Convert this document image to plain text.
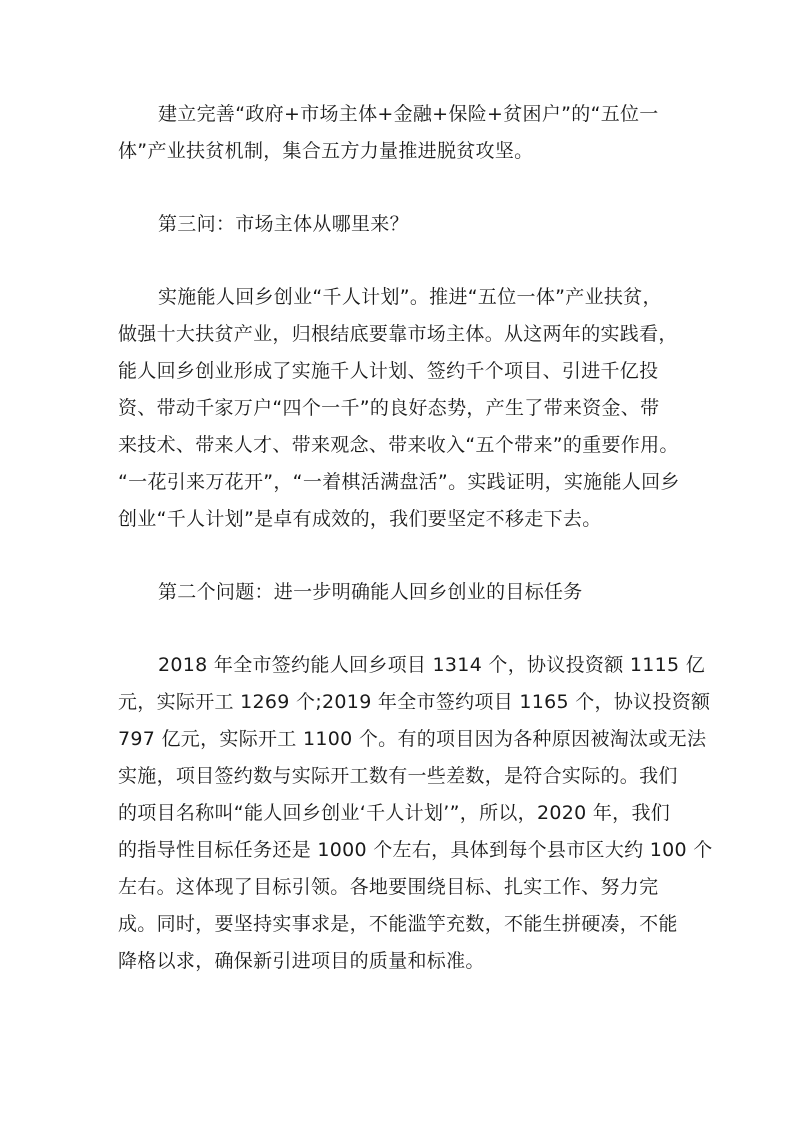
建立完善“政府+市场主体+金融+保险+贫困户”的“五位一
体”产业扶贫机制，集合五方力量推进脱贫攻坚。
第三问：市场主体从哪里来？
实施能人回乡创业“千人计划”。推进“五位一体”产业扶贫，
做强十大扶贫产业，归根结底要靠市场主体。从这两年的实践看，
能人回乡创业形成了实施千人计划、签约千个项目、引进千亿投
资、带动千家万户“四个一千”的良好态势，产生了带来资金、带
来技术、带来人才、带来观念、带来收入“五个带来”的重要作用。
“一花引来万花开”，“一着棋活满盘活”。实践证明，实施能人回乡
创业“千人计划”是卓有成效的，我们要坚定不移走下去。
第二个问题：进一步明确能人回乡创业的目标任务
2018 年全市签约能人回乡项目 1314 个，协议投资额 1115 亿
元，实际开工 1269 个;2019 年全市签约项目 1165 个，协议投资额
797 亿元，实际开工 1100 个。有的项目因为各种原因被淘汰或无法
实施，项目签约数与实际开工数有一些差数，是符合实际的。我们
的项目名称叫“能人回乡创业‘千人计划’”，所以，2020 年，我们
的指导性目标任务还是 1000 个左右，具体到每个县市区大约 100 个
左右。这体现了目标引领。各地要围绕目标、扎实工作、努力完
成。同时，要坚持实事求是，不能滥竽充数，不能生拼硬凑，不能
降格以求，确保新引进项目的质量和标准。
